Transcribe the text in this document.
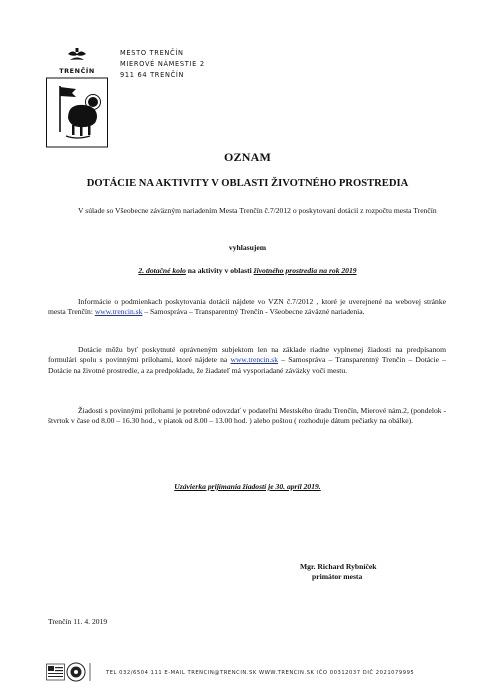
TRENČÍN
MESTO TRENČÍN
MIEROVÉ NÁMESTIE 2
911 64 TRENČÍN
OZNAM
DOTÁCIE NA AKTIVITY V OBLASTI ŽIVOTNÉHO PROSTREDIA
V súlade so Všeobecne záväzným nariadením Mesta Trenčín č.7/2012 o poskytovaní dotácií z rozpočtu mesta Trenčín
vyhlasujem
2. dotačné kolo na aktivity v oblasti životného prostredia na rok 2019
Informácie o podmienkach poskytovania dotácií nájdete vo VZN č.7/2012 , ktoré je uverejnené na webovej stránke mesta Trenčín: www.trencin.sk – Samospráva – Transparentný Trenčín - Všeobecne záväzné nariadenia.
Dotácie môžu byť poskytnuté oprávneným subjektom len na základe riadne vyplnenej žiadosti na predpísanom formulári spolu s povinnými prílohami, ktoré nájdete na www.trencin.sk – Samospráva – Transparentný Trenčín – Dotácie – Dotácie na životné prostredie, a za predpokladu, že žiadateľ má vysporiadané záväzky voči mestu.
Žiadosti s povinnými prílohami je potrebné odovzdať v podateľni Mestského úradu Trenčín, Mierové nám.2, (pondelok - štvrtok v čase od 8.00 – 16.30 hod., v piatok od 8.00 – 13.00 hod. ) alebo poštou ( rozhoduje dátum pečiatky na obálke).
Uzávierka prijímania žiadostí je 30. apríl 2019.
Mgr. Richard Rybníček
primátor mesta
Trenčín 11. 4. 2019
TEL 032/6504 111 E-MAIL TRENCIN@TRENCIN.SK WWW.TRENCIN.SK IČO 00312037 DIČ 2021079995
